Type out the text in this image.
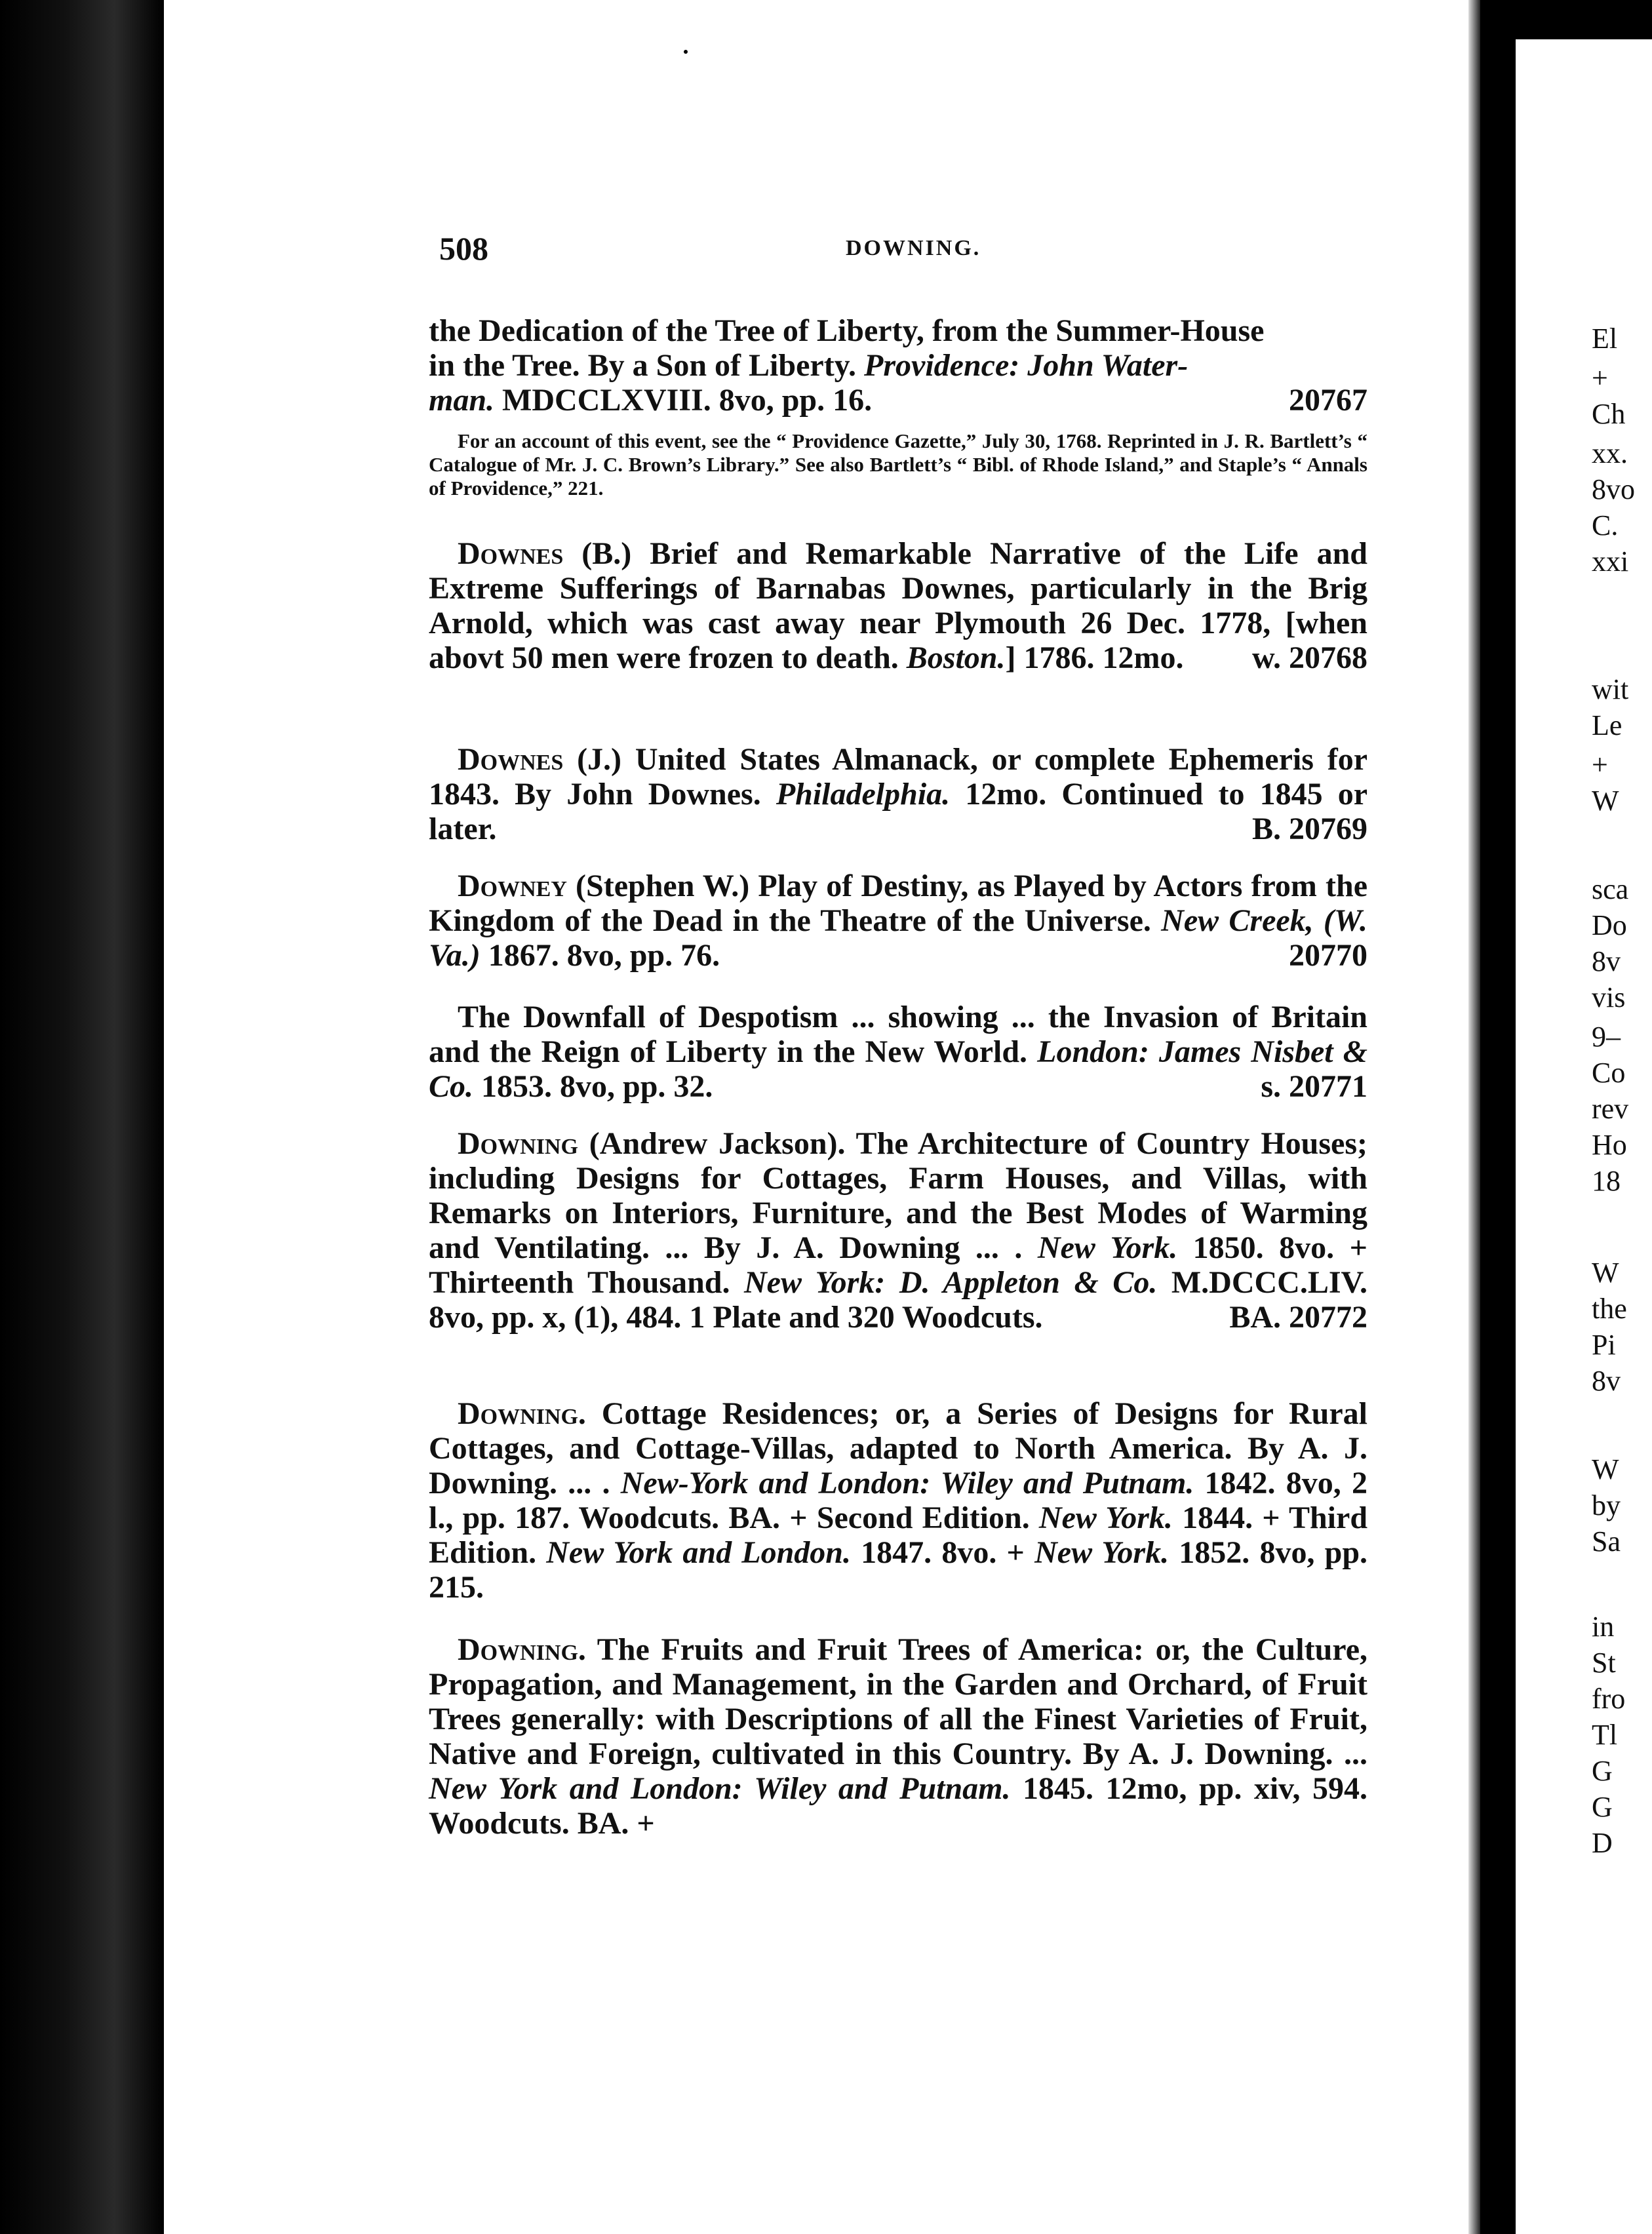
508	DOWNING.
the Dedication of the Tree of Liberty, from the Summer-House
in the Tree. By a Son of Liberty. Providence: John Water-
man. MDCCLXVIII. 8vo, pp. 16.	20767

For an account of this event, see the “ Providence Gazette,” July 30, 1768. Reprinted in J. R. Bartlett’s “ Catalogue of Mr. J. C. Brown’s Library.” See also Bartlett’s “ Bibl. of Rhode Island,” and Staple’s “ Annals of Providence,” 221.

Downes (B.) Brief and Remarkable Narrative of the Life and Extreme Sufferings of Barnabas Downes, particularly in the Brig Arnold, which was cast away near Plymouth 26 Dec. 1778, [when abovt 50 men were frozen to death. Boston.] 1786. 12mo.	w. 20768

Downes (J.) United States Almanack, or complete Ephemeris for 1843. By John Downes. Philadelphia. 12mo. Continued to 1845 or later.	B. 20769

Downey (Stephen W.) Play of Destiny, as Played by Actors from the Kingdom of the Dead in the Theatre of the Universe. New Creek, (W. Va.) 1867. 8vo, pp. 76.	20770

The Downfall of Despotism ... showing ... the Invasion of Britain and the Reign of Liberty in the New World. London: James Nisbet & Co. 1853. 8vo, pp. 32.	s. 20771

Downing (Andrew Jackson). The Architecture of Country Houses; including Designs for Cottages, Farm Houses, and Villas, with Remarks on Interiors, Furniture, and the Best Modes of Warming and Ventilating. ... By J. A. Downing ... . New York. 1850. 8vo. + Thirteenth Thousand. New York: D. Appleton & Co. M.DCCC.LIV. 8vo, pp. x, (1), 484. 1 Plate and 320 Woodcuts.	BA. 20772

Downing. Cottage Residences; or, a Series of Designs for Rural Cottages, and Cottage-Villas, adapted to North America. By A. J. Downing. ... . New-York and London: Wiley and Putnam. 1842. 8vo, 2 l., pp. 187. Woodcuts. BA. + Second Edition. New York. 1844. + Third Edition. New York and London. 1847. 8vo. + New York. 1852. 8vo, pp. 215.

Downing. The Fruits and Fruit Trees of America: or, the Culture, Propagation, and Management, in the Garden and Orchard, of Fruit Trees generally: with Descriptions of all the Finest Varieties of Fruit, Native and Foreign, cultivated in this Country. By A. J. Downing. ... New York and London: Wiley and Putnam. 1845. 12mo, pp. xiv, 594. Woodcuts. BA. +

El
+
Ch
xx.
8vo
C.
xxi
wit
Le
+
W
sca
Do
8v
vis
9–
Co
rev
Ho
18
W
the
Pi
8v
W
by
Sa
in
St
fro
Tl
G
G
D
